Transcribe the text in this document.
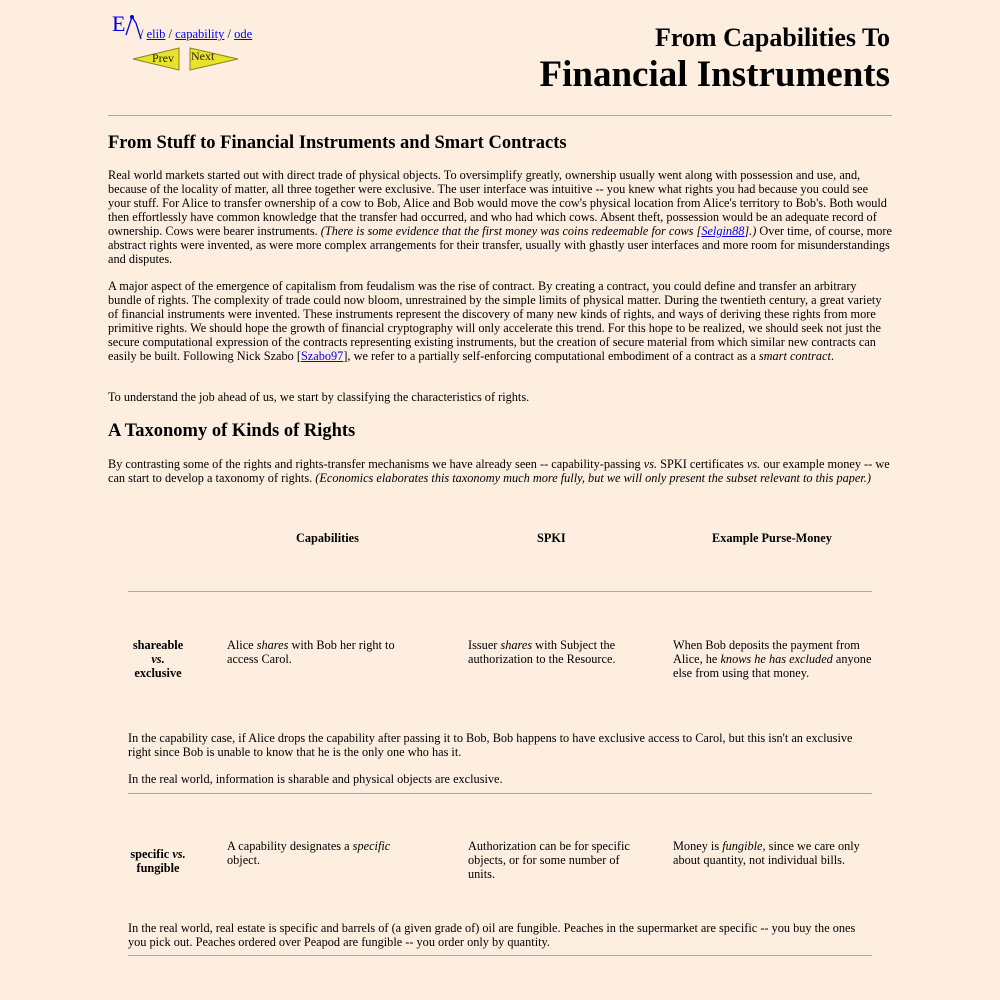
E / elib / capability / ode
Prev Next
From Capabilities To
Financial Instruments
From Stuff to Financial Instruments and Smart Contracts

Real world markets started out with direct trade of physical objects. To oversimplify greatly, ownership usually went along with possession and use, and, because of the locality of matter, all three together were exclusive. The user interface was intuitive -- you knew what rights you had because you could see your stuff. For Alice to transfer ownership of a cow to Bob, Alice and Bob would move the cow's physical location from Alice's territory to Bob's. Both would then effortlessly have common knowledge that the transfer had occurred, and who had which cows. Absent theft, possession would be an adequate record of ownership. Cows were bearer instruments. (There is some evidence that the first money was coins redeemable for cows [Selgin88].) Over time, of course, more abstract rights were invented, as were more complex arrangements for their transfer, usually with ghastly user interfaces and more room for misunderstandings and disputes.

A major aspect of the emergence of capitalism from feudalism was the rise of contract. By creating a contract, you could define and transfer an arbitrary bundle of rights. The complexity of trade could now bloom, unrestrained by the simple limits of physical matter. During the twentieth century, a great variety of financial instruments were invented. These instruments represent the discovery of many new kinds of rights, and ways of deriving these rights from more primitive rights. We should hope the growth of financial cryptography will only accelerate this trend. For this hope to be realized, we should seek not just the secure computational expression of the contracts representing existing instruments, but the creation of secure material from which similar new contracts can easily be built. Following Nick Szabo [Szabo97], we refer to a partially self-enforcing computational embodiment of a contract as a smart contract.

To understand the job ahead of us, we start by classifying the characteristics of rights.

A Taxonomy of Kinds of Rights

By contrasting some of the rights and rights-transfer mechanisms we have already seen -- capability-passing vs. SPKI certificates vs. our example money -- we can start to develop a taxonomy of rights. (Economics elaborates this taxonomy much more fully, but we will only present the subset relevant to this paper.)

Capabilities	SPKI	Example Purse-Money
shareable
vs.
exclusive
Alice shares with Bob her right to access Carol.
Issuer shares with Subject the authorization to the Resource.
When Bob deposits the payment from Alice, he knows he has excluded anyone else from using that money.

In the capability case, if Alice drops the capability after passing it to Bob, Bob happens to have exclusive access to Carol, but this isn't an exclusive right since Bob is unable to know that he is the only one who has it.

In the real world, information is sharable and physical objects are exclusive.

specific vs.
fungible
A capability designates a specific object.
Authorization can be for specific objects, or for some number of units.
Money is fungible, since we care only about quantity, not individual bills.

In the real world, real estate is specific and barrels of (a given grade of) oil are fungible. Peaches in the supermarket are specific -- you buy the ones you pick out. Peaches ordered over Peapod are fungible -- you order only by quantity.
